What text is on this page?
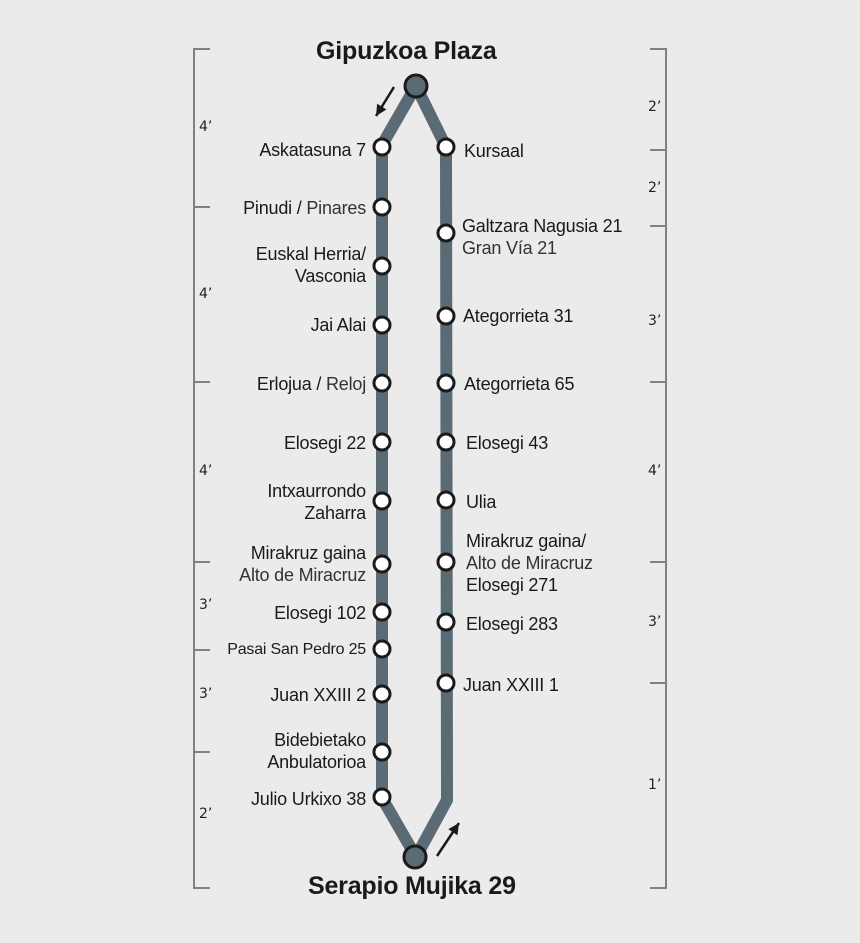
Gipuzkoa Plaza
Serapio Mujika 29
Askatasuna 7
Pinudi / Pinares
Euskal Herria/
Vasconia
Jai Alai
Erlojua / Reloj
Elosegi 22
Intxaurrondo
Zaharra
Mirakruz gaina
Alto de Miracruz
Elosegi 102
Pasai San Pedro 25
Juan XXIII 2
Bidebietako
Anbulatorioa
Julio Urkixo 38
Kursaal
Galtzara Nagusia 21
Gran Vía 21
Ategorrieta 31
Ategorrieta 65
Elosegi 43
Ulia
Mirakruz gaina/
Alto de Miracruz
Elosegi 271
Elosegi 283
Juan XXIII 1
4’
4’
4’
3’
3’
2’
2’
2’
3’
4’
3’
1’
